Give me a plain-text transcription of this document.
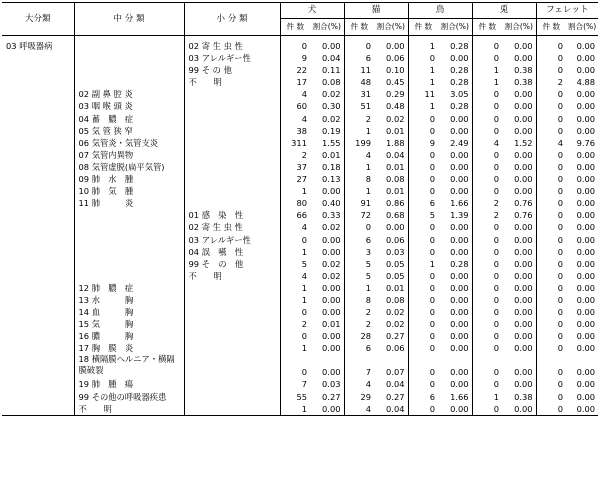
大分類	中 分 類	小 分 類	犬		猫		鳥		兎		フェレット	
			件 数	割合(%)	件 数	割合(%)	件 数	割合(%)	件 数	割合(%)	件 数	割合(%)

03 呼吸器病		02 寄 生 虫 性	0	0.00	0	0.00	1	0.28	0	0.00	0	0.00
		03 アレルギー性	9	0.04	6	0.06	0	0.00	0	0.00	0	0.00
		99 そ の 他	22	0.11	11	0.10	1	0.28	1	0.38	0	0.00
		不　　明	17	0.08	48	0.45	1	0.28	1	0.38	2	4.88
	02 副 鼻 腔 炎		4	0.02	31	0.29	11	3.05	0	0.00	0	0.00
	03 咽 喉 頭 炎		60	0.30	51	0.48	1	0.28	0	0.00	0	0.00
	04 蓄　膿　症		4	0.02	2	0.02	0	0.00	0	0.00	0	0.00
	05 気 管 狭 窄		38	0.19	1	0.01	0	0.00	0	0.00	0	0.00
	06 気管炎・気管支炎		311	1.55	199	1.88	9	2.49	4	1.52	4	9.76
	07 気管内異物		2	0.01	4	0.04	0	0.00	0	0.00	0	0.00
	08 気管虚脱(扁平気管)		37	0.18	1	0.01	0	0.00	0	0.00	0	0.00
	09 肺　水　腫		27	0.13	8	0.08	0	0.00	0	0.00	0	0.00
	10 肺　気　腫		1	0.00	1	0.01	0	0.00	0	0.00	0	0.00
	11 肺　　　炎		80	0.40	91	0.86	6	1.66	2	0.76	0	0.00
		01 感　染　性	66	0.33	72	0.68	5	1.39	2	0.76	0	0.00
		02 寄 生 虫 性	4	0.02	0	0.00	0	0.00	0	0.00	0	0.00
		03 アレルギー性	0	0.00	6	0.06	0	0.00	0	0.00	0	0.00
		04 誤　嚥　性	1	0.00	3	0.03	0	0.00	0	0.00	0	0.00
		99 そ　の　他	5	0.02	5	0.05	1	0.28	0	0.00	0	0.00
		不　　明	4	0.02	5	0.05	0	0.00	0	0.00	0	0.00
	12 肺　膿　症		1	0.00	1	0.01	0	0.00	0	0.00	0	0.00
	13 水　　　胸		1	0.00	8	0.08	0	0.00	0	0.00	0	0.00
	14 血　　　胸		0	0.00	2	0.02	0	0.00	0	0.00	0	0.00
	15 気　　　胸		2	0.01	2	0.02	0	0.00	0	0.00	0	0.00
	16 膿　　　胸		0	0.00	28	0.27	0	0.00	0	0.00	0	0.00
	17 胸　膜　炎		1	0.00	6	0.06	0	0.00	0	0.00	0	0.00
	18 横隔膜ヘルニア・横隔膜破裂		0	0.00	7	0.07	0	0.00	0	0.00	0	0.00
	19 肺　腫　瘍		7	0.03	4	0.04	0	0.00	0	0.00	0	0.00
	99 その他の呼吸器疾患		55	0.27	29	0.27	6	1.66	1	0.38	0	0.00
	不　　明		1	0.00	4	0.04	0	0.00	0	0.00	0	0.00
